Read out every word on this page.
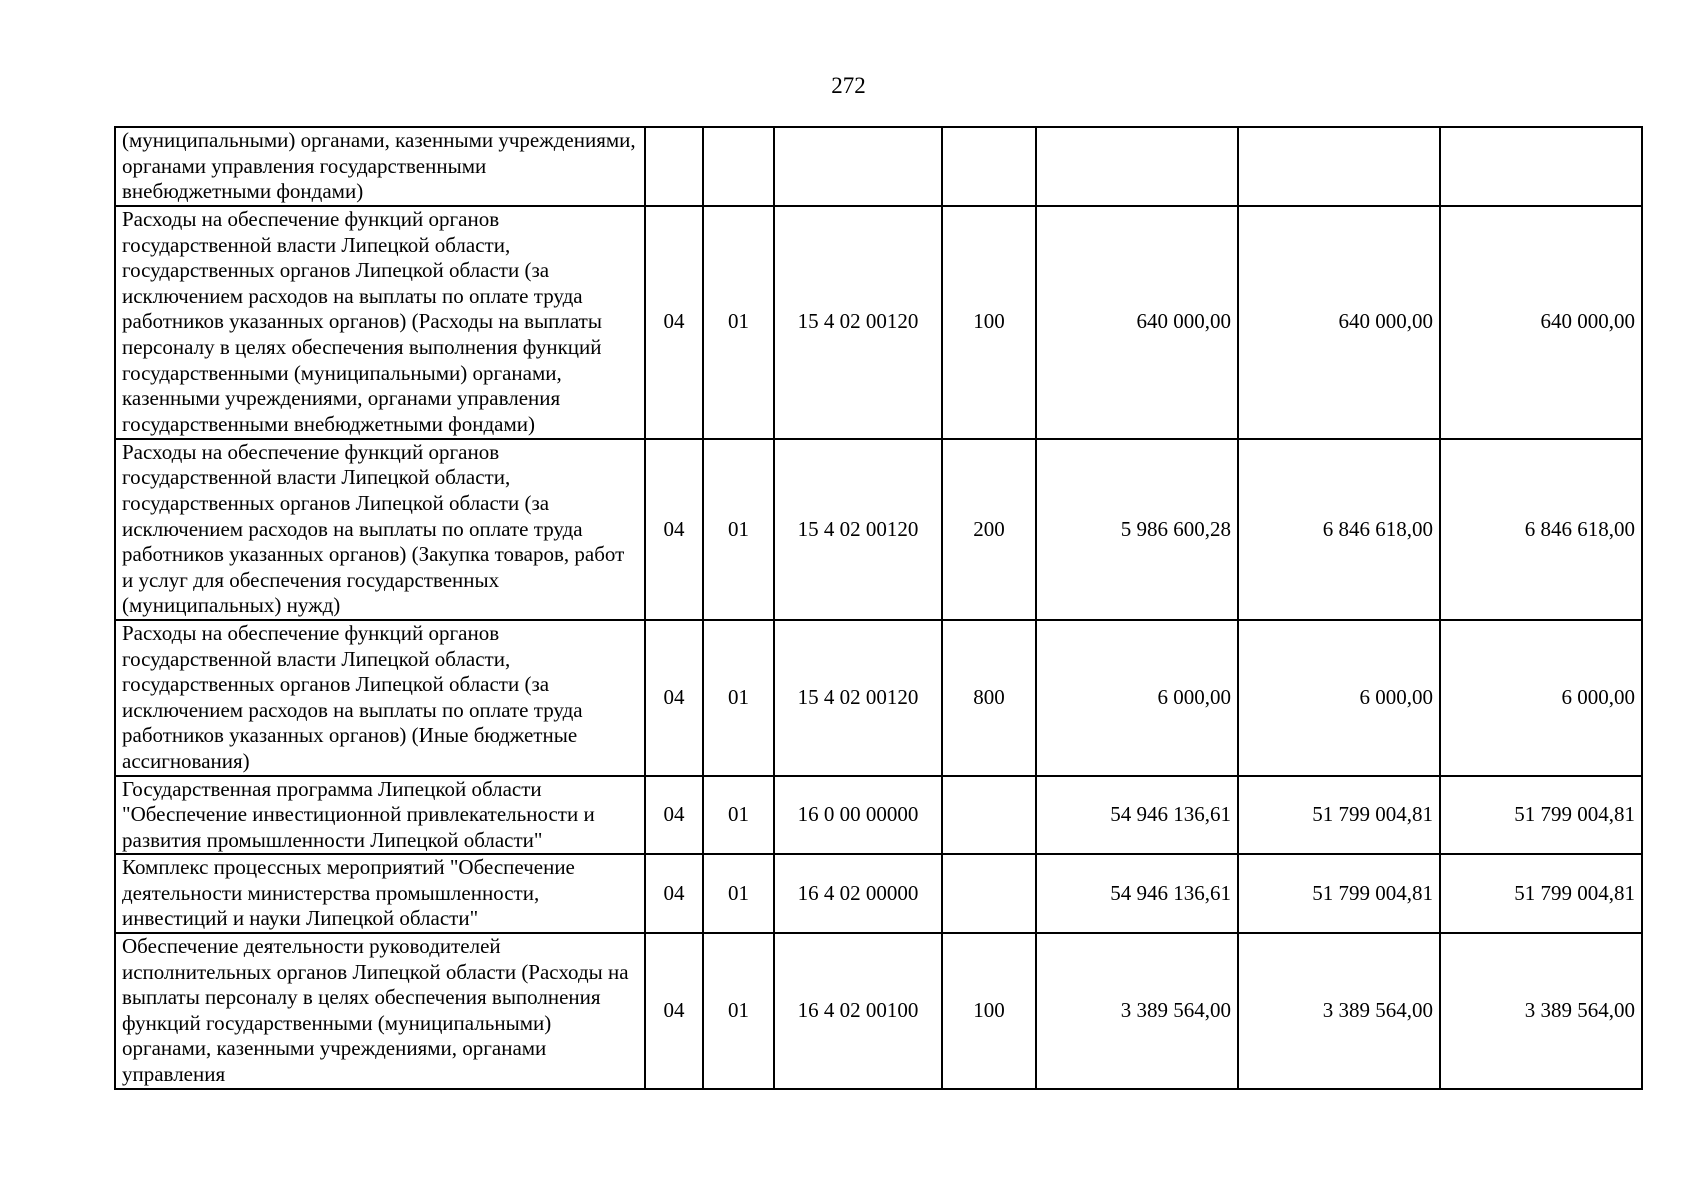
272
(муниципальными) органами, казенными учреждениями, органами управления государственными внебюджетными фондами)							
Расходы на обеспечение функций органов государственной власти Липецкой области, государственных органов Липецкой области (за исключением расходов на выплаты по оплате труда работников указанных органов) (Расходы на выплаты персоналу в целях обеспечения выполнения функций государственными (муниципальными) органами, казенными учреждениями, органами управления государственными внебюджетными фондами)	04	01	15 4 02 00120	100	640 000,00	640 000,00	640 000,00
Расходы на обеспечение функций органов государственной власти Липецкой области, государственных органов Липецкой области (за исключением расходов на выплаты по оплате труда работников указанных органов) (Закупка товаров, работ и услуг для обеспечения государственных (муниципальных) нужд)	04	01	15 4 02 00120	200	5 986 600,28	6 846 618,00	6 846 618,00
Расходы на обеспечение функций органов государственной власти Липецкой области, государственных органов Липецкой области (за исключением расходов на выплаты по оплате труда работников указанных органов) (Иные бюджетные ассигнования)	04	01	15 4 02 00120	800	6 000,00	6 000,00	6 000,00
Государственная программа Липецкой области "Обеспечение инвестиционной привлекательности и развития промышленности Липецкой области"	04	01	16 0 00 00000		54 946 136,61	51 799 004,81	51 799 004,81
Комплекс процессных мероприятий "Обеспечение деятельности министерства промышленности, инвестиций и науки Липецкой области"	04	01	16 4 02 00000		54 946 136,61	51 799 004,81	51 799 004,81
Обеспечение деятельности руководителей исполнительных органов Липецкой области (Расходы на выплаты персоналу в целях обеспечения выполнения функций государственными (муниципальными) органами, казенными учреждениями, органами управления	04	01	16 4 02 00100	100	3 389 564,00	3 389 564,00	3 389 564,00
